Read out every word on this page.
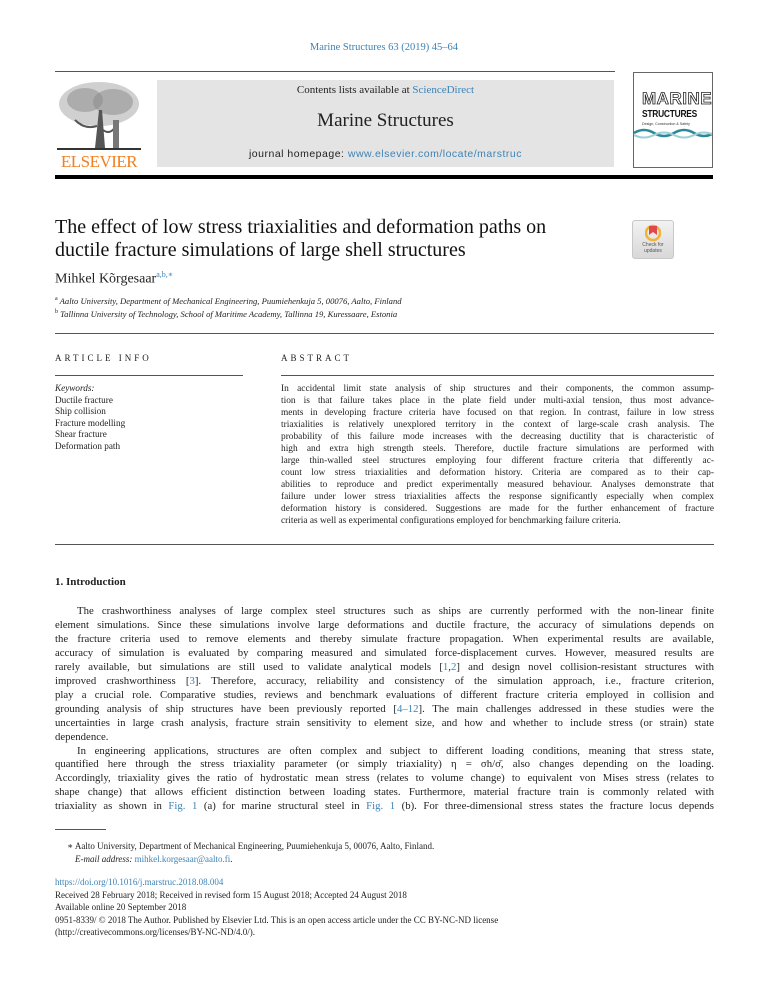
Marine Structures 63 (2019) 45–64
ELSEVIER
Contents lists available at ScienceDirect
Marine Structures
journal homepage: www.elsevier.com/locate/marstruc
MARINE
STRUCTURES
Design, Construction & Safety
The effect of low stress triaxialities and deformation paths on
ductile fracture simulations of large shell structures	Check for
updates
Mihkel Kõrgesaar$^{a,b,∗}$
$^a$ Aalto University, Department of Mechanical Engineering, Puumiehenkuja 5, 00076, Aalto, Finland
$^b$ Tallinna University of Technology, School of Maritime Academy, Tallinna 19, Kuressaare, Estonia
ARTICLE INFO	ABSTRACT
Keywords:
Ductile fracture
Ship collision
Fracture modelling
Shear fracture
Deformation path
In accidental limit state analysis of ship structures and their components, the common assump-
tion is that failure takes place in the plate field under multi-axial tension, thus most advance-
ments in developing fracture criteria have focused on that region. In contrast, failure in low stress
triaxialities is relatively unexplored territory in the context of large-scale crash analysis. The
probability of this failure mode increases with the decreasing ductility that is characteristic of
high and extra high strength steels. Therefore, ductile fracture simulations are performed with
large thin-walled steel structures employing four different fracture criteria that differently ac-
count low stress triaxialities and deformation history. Criteria are compared as to their cap-
abilities to reproduce and predict experimentally measured behaviour. Analyses demonstrate that
failure under lower stress triaxialities affects the response significantly especially when complex
deformation history is considered. Suggestions are made for the further enhancement of fracture
criteria as well as experimental configurations employed for benchmarking failure criteria.
1. Introduction
The crashworthiness analyses of large complex steel structures such as ships are currently performed with the non-linear finite
element simulations. Since these simulations involve large deformations and ductile fracture, the accuracy of simulations depends on
the fracture criteria used to remove elements and thereby simulate fracture propagation. When experimental results are available,
accuracy of simulation is evaluated by comparing measured and simulated force-displacement curves. However, measured results are
rarely available, but simulations are still used to validate analytical models [1,2] and design novel collision-resistant structures with
improved crashworthiness [3]. Therefore, accuracy, reliability and consistency of the simulation approach, i.e., fracture criterion,
play a crucial role. Comparative studies, reviews and benchmark evaluations of different fracture criteria employed in collision and
grounding analysis of ship structures have been previously reported [4–12]. The main challenges addressed in these studies were the
uncertainties in large crash analysis, fracture strain sensitivity to element size, and how and whether to include stress (or strain) state
dependence.
In engineering applications, structures are often complex and subject to different loading conditions, meaning that stress state,
quantified here through the stress triaxiality parameter (or simply triaxiality) η = σh/σ̄, also changes depending on the loading.
Accordingly, triaxiality gives the ratio of hydrostatic mean stress (relates to volume change) to equivalent von Mises stress (relates to
shape change) that allows efficient distinction between loading states. Furthermore, material fracture train is commonly related with
triaxiality as shown in Fig. 1 (a) for marine structural steel in Fig. 1 (b). For three-dimensional stress states the fracture locus depends
∗ Aalto University, Department of Mechanical Engineering, Puumiehenkuja 5, 00076, Aalto, Finland.
E-mail address: mihkel.korgesaar@aalto.fi.
https://doi.org/10.1016/j.marstruc.2018.08.004
Received 28 February 2018; Received in revised form 15 August 2018; Accepted 24 August 2018
Available online 20 September 2018
0951-8339/ © 2018 The Author. Published by Elsevier Ltd. This is an open access article under the CC BY-NC-ND license
(http://creativecommons.org/licenses/BY-NC-ND/4.0/).
